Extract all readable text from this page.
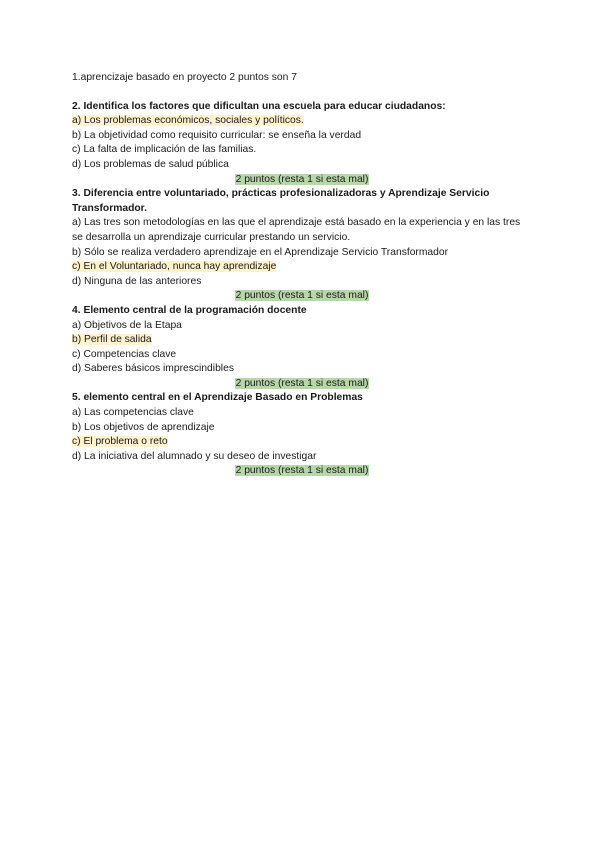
1.aprencizaje basado en proyecto 2 puntos son 7
2. Identifica los factores que dificultan una escuela para educar ciudadanos:
a) Los problemas económicos, sociales y políticos.
b) La objetividad como requisito curricular: se enseña la verdad
c) La falta de implicación de las familias.
d) Los problemas de salud pública
2 puntos (resta 1 si esta mal)
3. Diferencia entre voluntariado, prácticas profesionalizadoras y Aprendizaje Servicio Transformador.
a) Las tres son metodologías en las que el aprendizaje está basado en la experiencia y en las tres se desarrolla un aprendizaje curricular prestando un servicio.
b) Sólo se realiza verdadero aprendizaje en el Aprendizaje Servicio Transformador
c) En el Voluntariado, nunca hay aprendizaje
d) Ninguna de las anteriores
2 puntos (resta 1 si esta mal)
4. Elemento central de la programación docente
a) Objetivos de la Etapa
b) Perfil de salida
c) Competencias clave
d) Saberes básicos imprescindibles
2 puntos (resta 1 si esta mal)
5. elemento central en el Aprendizaje Basado en Problemas
a) Las competencias clave
b) Los objetivos de aprendizaje
c) El problema o reto
d) La iniciativa del alumnado y su deseo de investigar
2 puntos (resta 1 si esta mal)
